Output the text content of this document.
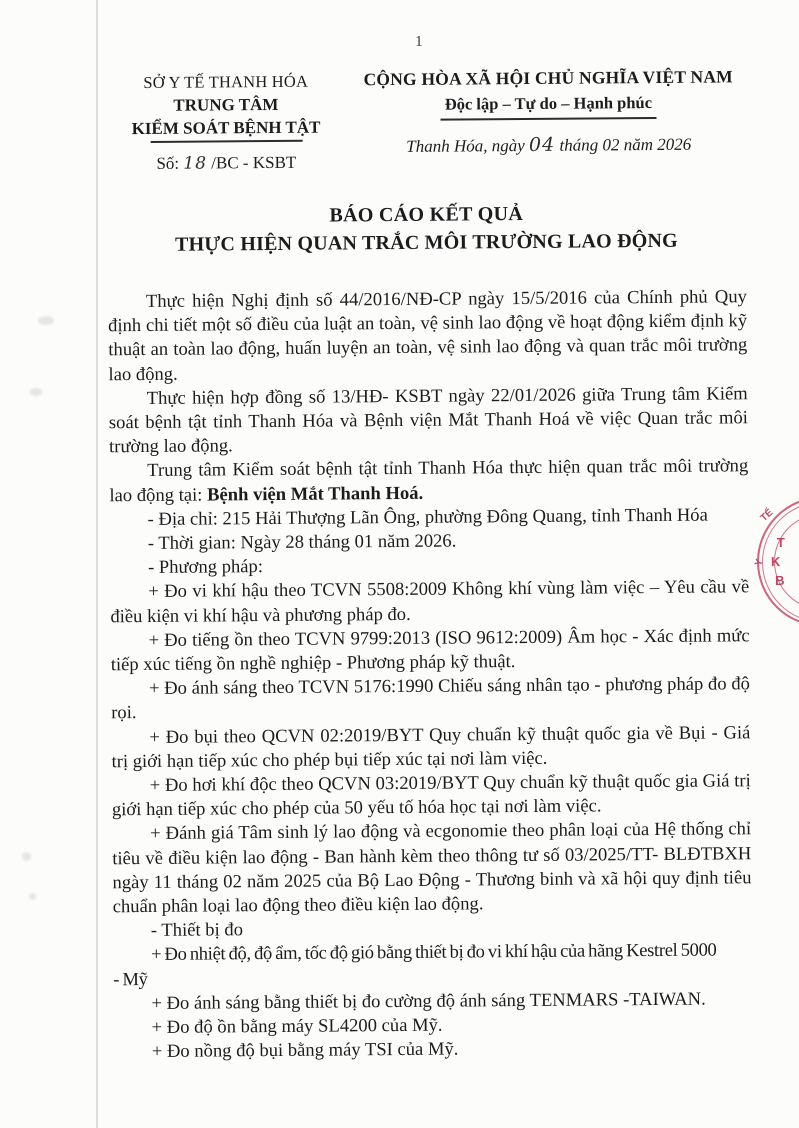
1
SỞ Y TẾ THANH HÓA
TRUNG TÂM
KIỂM SOÁT BỆNH TẬT
Số: 18 /BC - KSBT
CỘNG HÒA XÃ HỘI CHỦ NGHĨA VIỆT NAM
Độc lập – Tự do – Hạnh phúc
Thanh Hóa, ngày 04 tháng 02 năm 2026
BÁO CÁO KẾT QUẢ
THỰC HIỆN QUAN TRẮC MÔI TRƯỜNG LAO ĐỘNG

Thực hiện Nghị định số 44/2016/NĐ-CP ngày 15/5/2016 của Chính phủ Quy định chi tiết một số điều của luật an toàn, vệ sinh lao động về hoạt động kiểm định kỹ thuật an toàn lao động, huấn luyện an toàn, vệ sinh lao động và quan trắc môi trường lao động.

Thực hiện hợp đồng số 13/HĐ- KSBT ngày 22/01/2026 giữa Trung tâm Kiểm soát bệnh tật tỉnh Thanh Hóa và Bệnh viện Mắt Thanh Hoá về việc Quan trắc môi trường lao động.

Trung tâm Kiểm soát bệnh tật tỉnh Thanh Hóa thực hiện quan trắc môi trường lao động tại: Bệnh viện Mắt Thanh Hoá.

- Địa chỉ: 215 Hải Thượng Lãn Ông, phường Đông Quang, tỉnh Thanh Hóa

- Thời gian: Ngày 28 tháng 01 năm 2026.

- Phương pháp:

+ Đo vi khí hậu theo TCVN 5508:2009 Không khí vùng làm việc – Yêu cầu về điều kiện vi khí hậu và phương pháp đo.

+ Đo tiếng ồn theo TCVN 9799:2013 (ISO 9612:2009) Âm học - Xác định mức tiếp xúc tiếng ồn nghề nghiệp - Phương pháp kỹ thuật.

+ Đo ánh sáng theo TCVN 5176:1990 Chiếu sáng nhân tạo - phương pháp đo độ rọi.

+ Đo bụi theo QCVN 02:2019/BYT Quy chuẩn kỹ thuật quốc gia về Bụi - Giá trị giới hạn tiếp xúc cho phép bụi tiếp xúc tại nơi làm việc.

+ Đo hơi khí độc theo QCVN 03:2019/BYT Quy chuẩn kỹ thuật quốc gia Giá trị giới hạn tiếp xúc cho phép của 50 yếu tố hóa học tại nơi làm việc.

+ Đánh giá Tâm sinh lý lao động và ecgonomie theo phân loại của Hệ thống chỉ tiêu về điều kiện lao động - Ban hành kèm theo thông tư số 03/2025/TT- BLĐTBXH ngày 11 tháng 02 năm 2025 của Bộ Lao Động - Thương binh và xã hội quy định tiêu chuẩn phân loại lao động theo điều kiện lao động.

- Thiết bị đo

+ Đo nhiệt độ, độ ẩm, tốc độ gió bằng thiết bị đo vi khí hậu của hãng Kestrel 5000
- Mỹ

+ Đo ánh sáng bằng thiết bị đo cường độ ánh sáng TENMARS -TAIWAN.

+ Đo độ ồn bằng máy SL4200 của Mỹ.

+ Đo nồng độ bụi bằng máy TSI của Mỹ.

TẾ
Y
T
K
B
